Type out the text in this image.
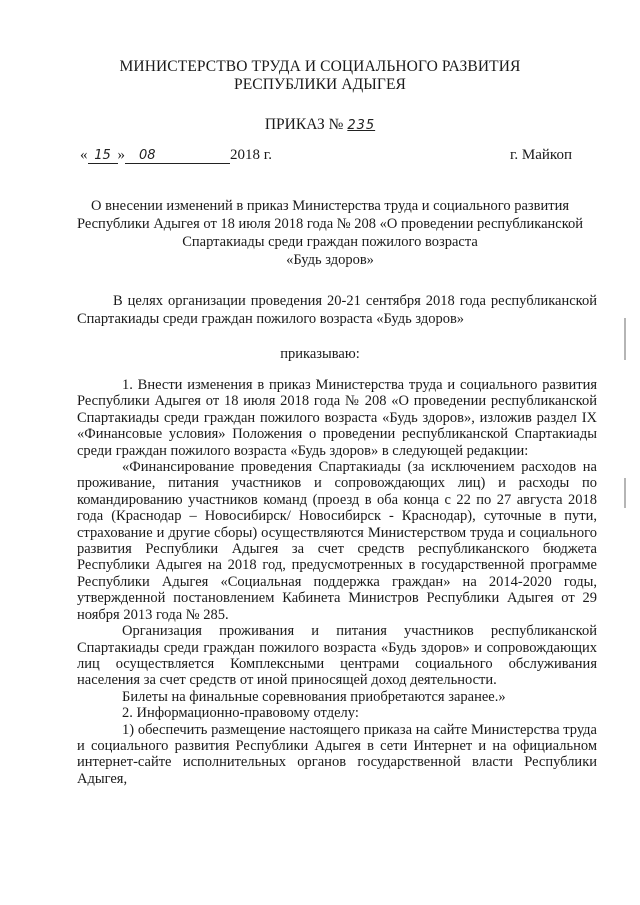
МИНИСТЕРСТВО ТРУДА И СОЦИАЛЬНОГО РАЗВИТИЯ
РЕСПУБЛИКИ АДЫГЕЯ
ПРИКАЗ № 235
« 15 » 08	2018 г.	г. Майкоп
О внесении изменений в приказ Министерства труда и социального развития
Республики Адыгея от 18 июля 2018 года № 208 «О проведении республиканской
Спартакиады среди граждан пожилого возраста
«Будь здоров»
В целях организации проведения 20-21 сентября 2018 года республиканской Спартакиады среди граждан пожилого возраста «Будь здоров»
приказываю:

1. Внести изменения в приказ Министерства труда и социального развития Республики Адыгея от 18 июля 2018 года № 208 «О проведении республиканской Спартакиады среди граждан пожилого возраста «Будь здоров», изложив раздел IX «Финансовые условия» Положения о проведении республиканской Спартакиады среди граждан пожилого возраста «Будь здоров» в следующей редакции:

«Финансирование проведения Спартакиады (за исключением расходов на проживание, питания участников и сопровождающих лиц) и расходы по командированию участников команд (проезд в оба конца с 22 по 27 августа 2018 года (Краснодар – Новосибирск/ Новосибирск - Краснодар), суточные в пути, страхование и другие сборы) осуществляются Министерством труда и социального развития Республики Адыгея за счет средств республиканского бюджета Республики Адыгея на 2018 год, предусмотренных в государственной программе Республики Адыгея «Социальная поддержка граждан» на 2014-2020 годы, утвержденной постановлением Кабинета Министров Республики Адыгея от 29 ноября 2013 года № 285.

Организация проживания и питания участников республиканской Спартакиады среди граждан пожилого возраста «Будь здоров» и сопровождающих лиц осуществляется Комплексными центрами социального обслуживания населения за счет средств от иной приносящей доход деятельности.

Билеты на финальные соревнования приобретаются заранее.»

2. Информационно-правовому отделу:

1) обеспечить размещение настоящего приказа на сайте Министерства труда и социального развития Республики Адыгея в сети Интернет и на официальном интернет-сайте исполнительных органов государственной власти Республики Адыгея,
